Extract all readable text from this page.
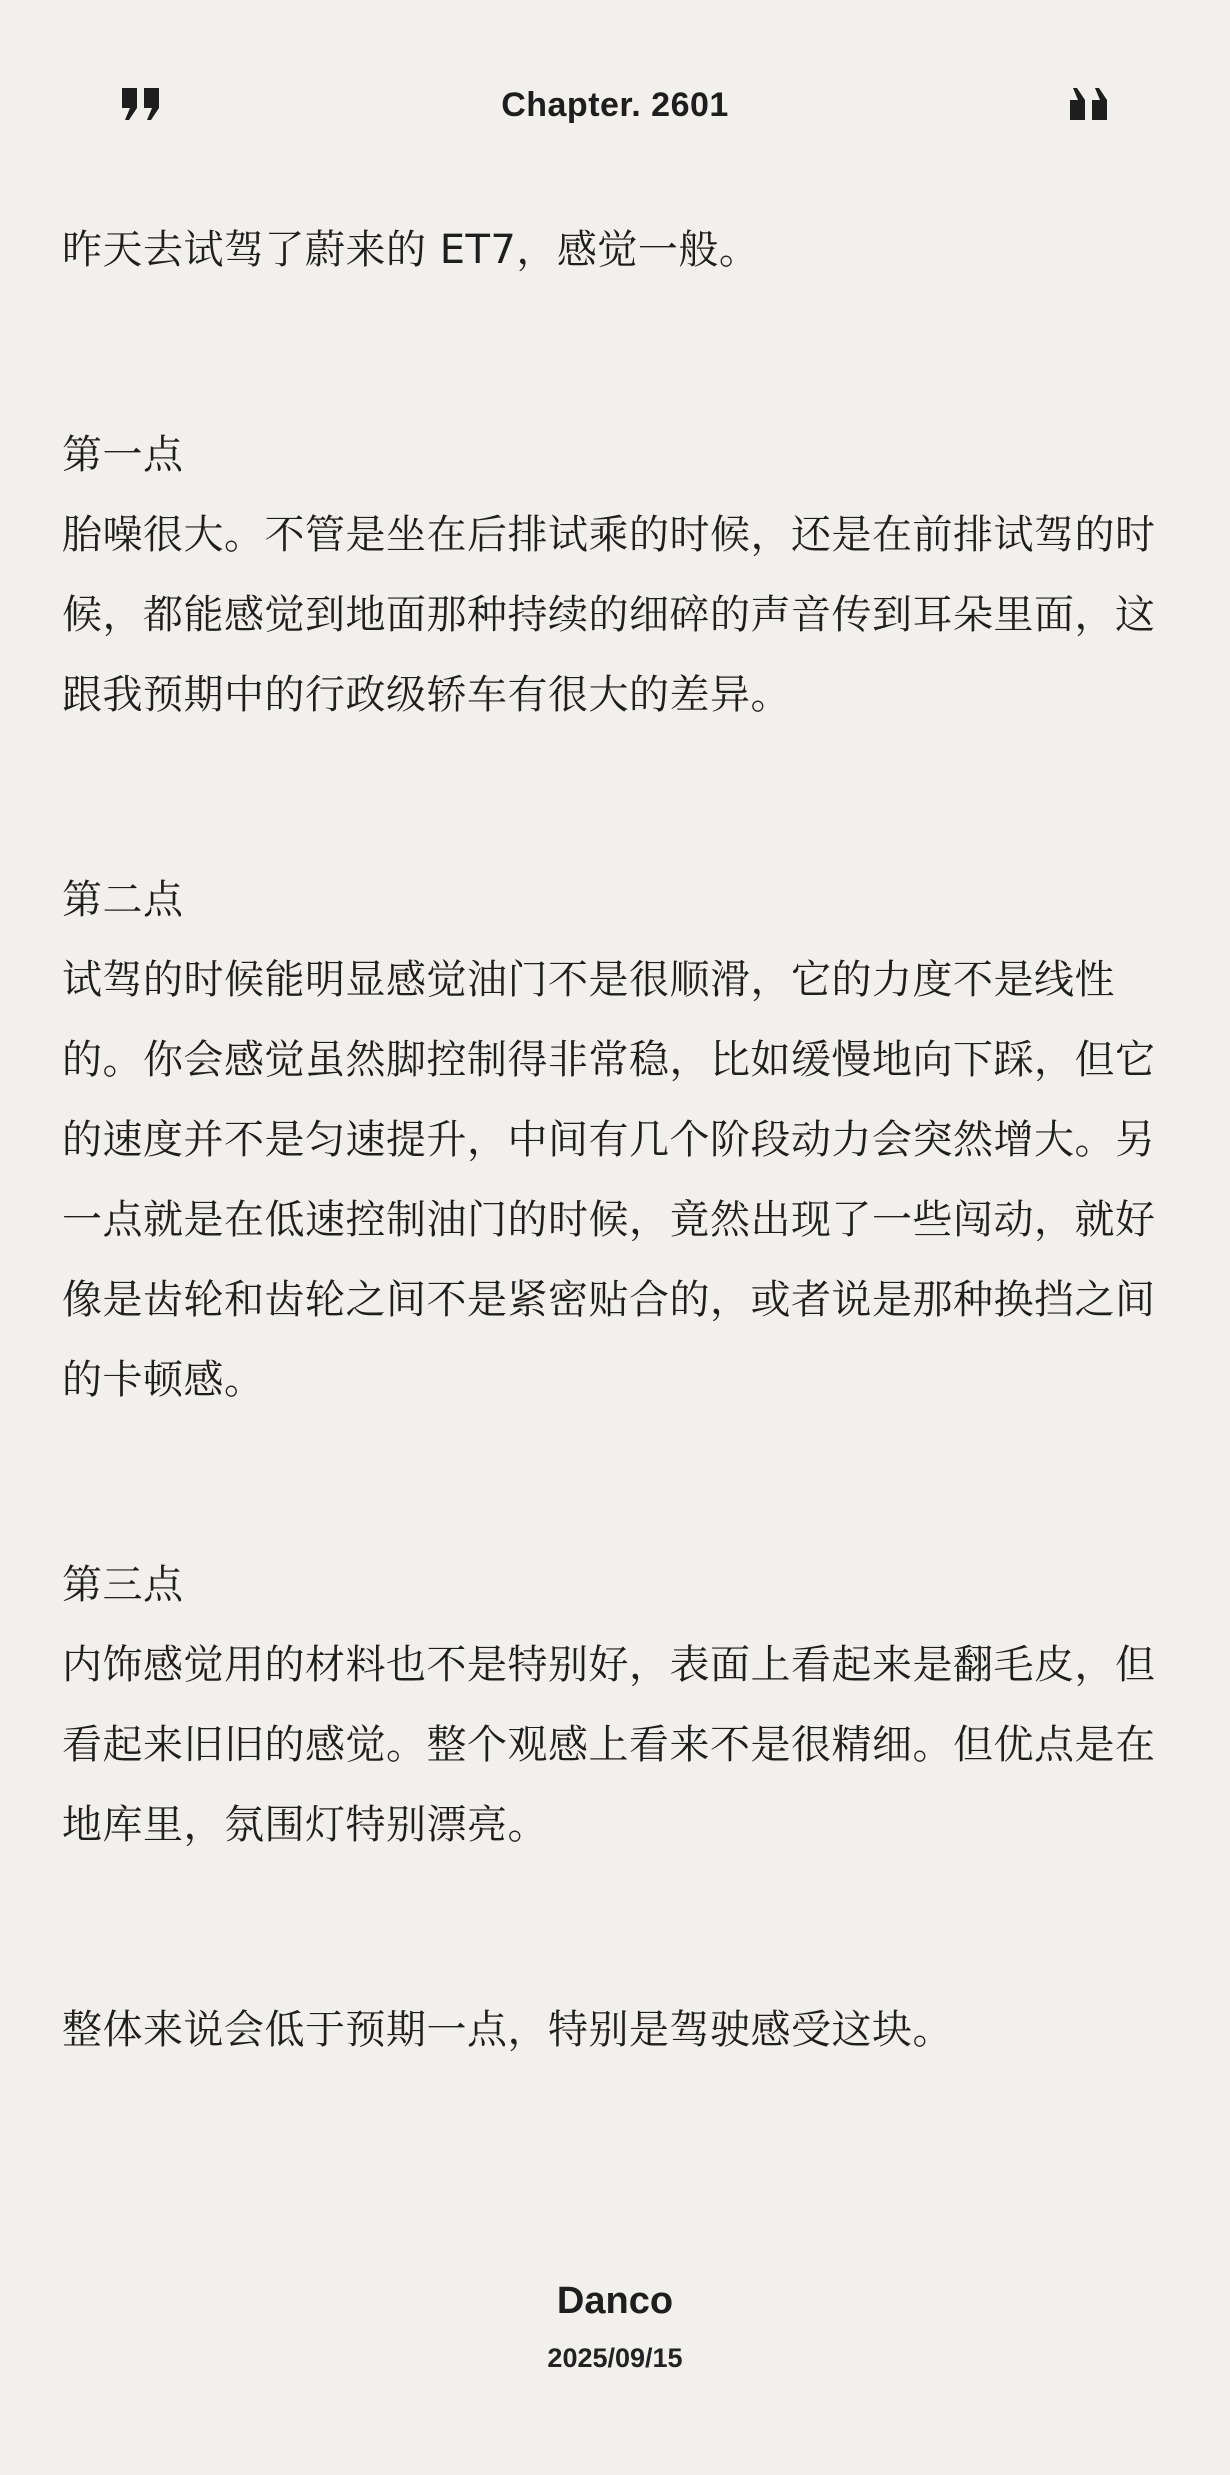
Chapter. 2601

昨天去试驾了蔚来的 ET7，感觉一般。

第一点

胎噪很大。不管是坐在后排试乘的时候，还是在前排试驾的时候，都能感觉到地面那种持续的细碎的声音传到耳朵里面，这跟我预期中的行政级轿车有很大的差异。

第二点

试驾的时候能明显感觉油门不是很顺滑，它的力度不是线性的。你会感觉虽然脚控制得非常稳，比如缓慢地向下踩，但它的速度并不是匀速提升，中间有几个阶段动力会突然增大。另一点就是在低速控制油门的时候，竟然出现了一些闯动，就好像是齿轮和齿轮之间不是紧密贴合的，或者说是那种换挡之间的卡顿感。

第三点

内饰感觉用的材料也不是特别好，表面上看起来是翻毛皮，但看起来旧旧的感觉。整个观感上看来不是很精细。但优点是在地库里，氛围灯特别漂亮。

整体来说会低于预期一点，特别是驾驶感受这块。

Danco
2025/09/15
